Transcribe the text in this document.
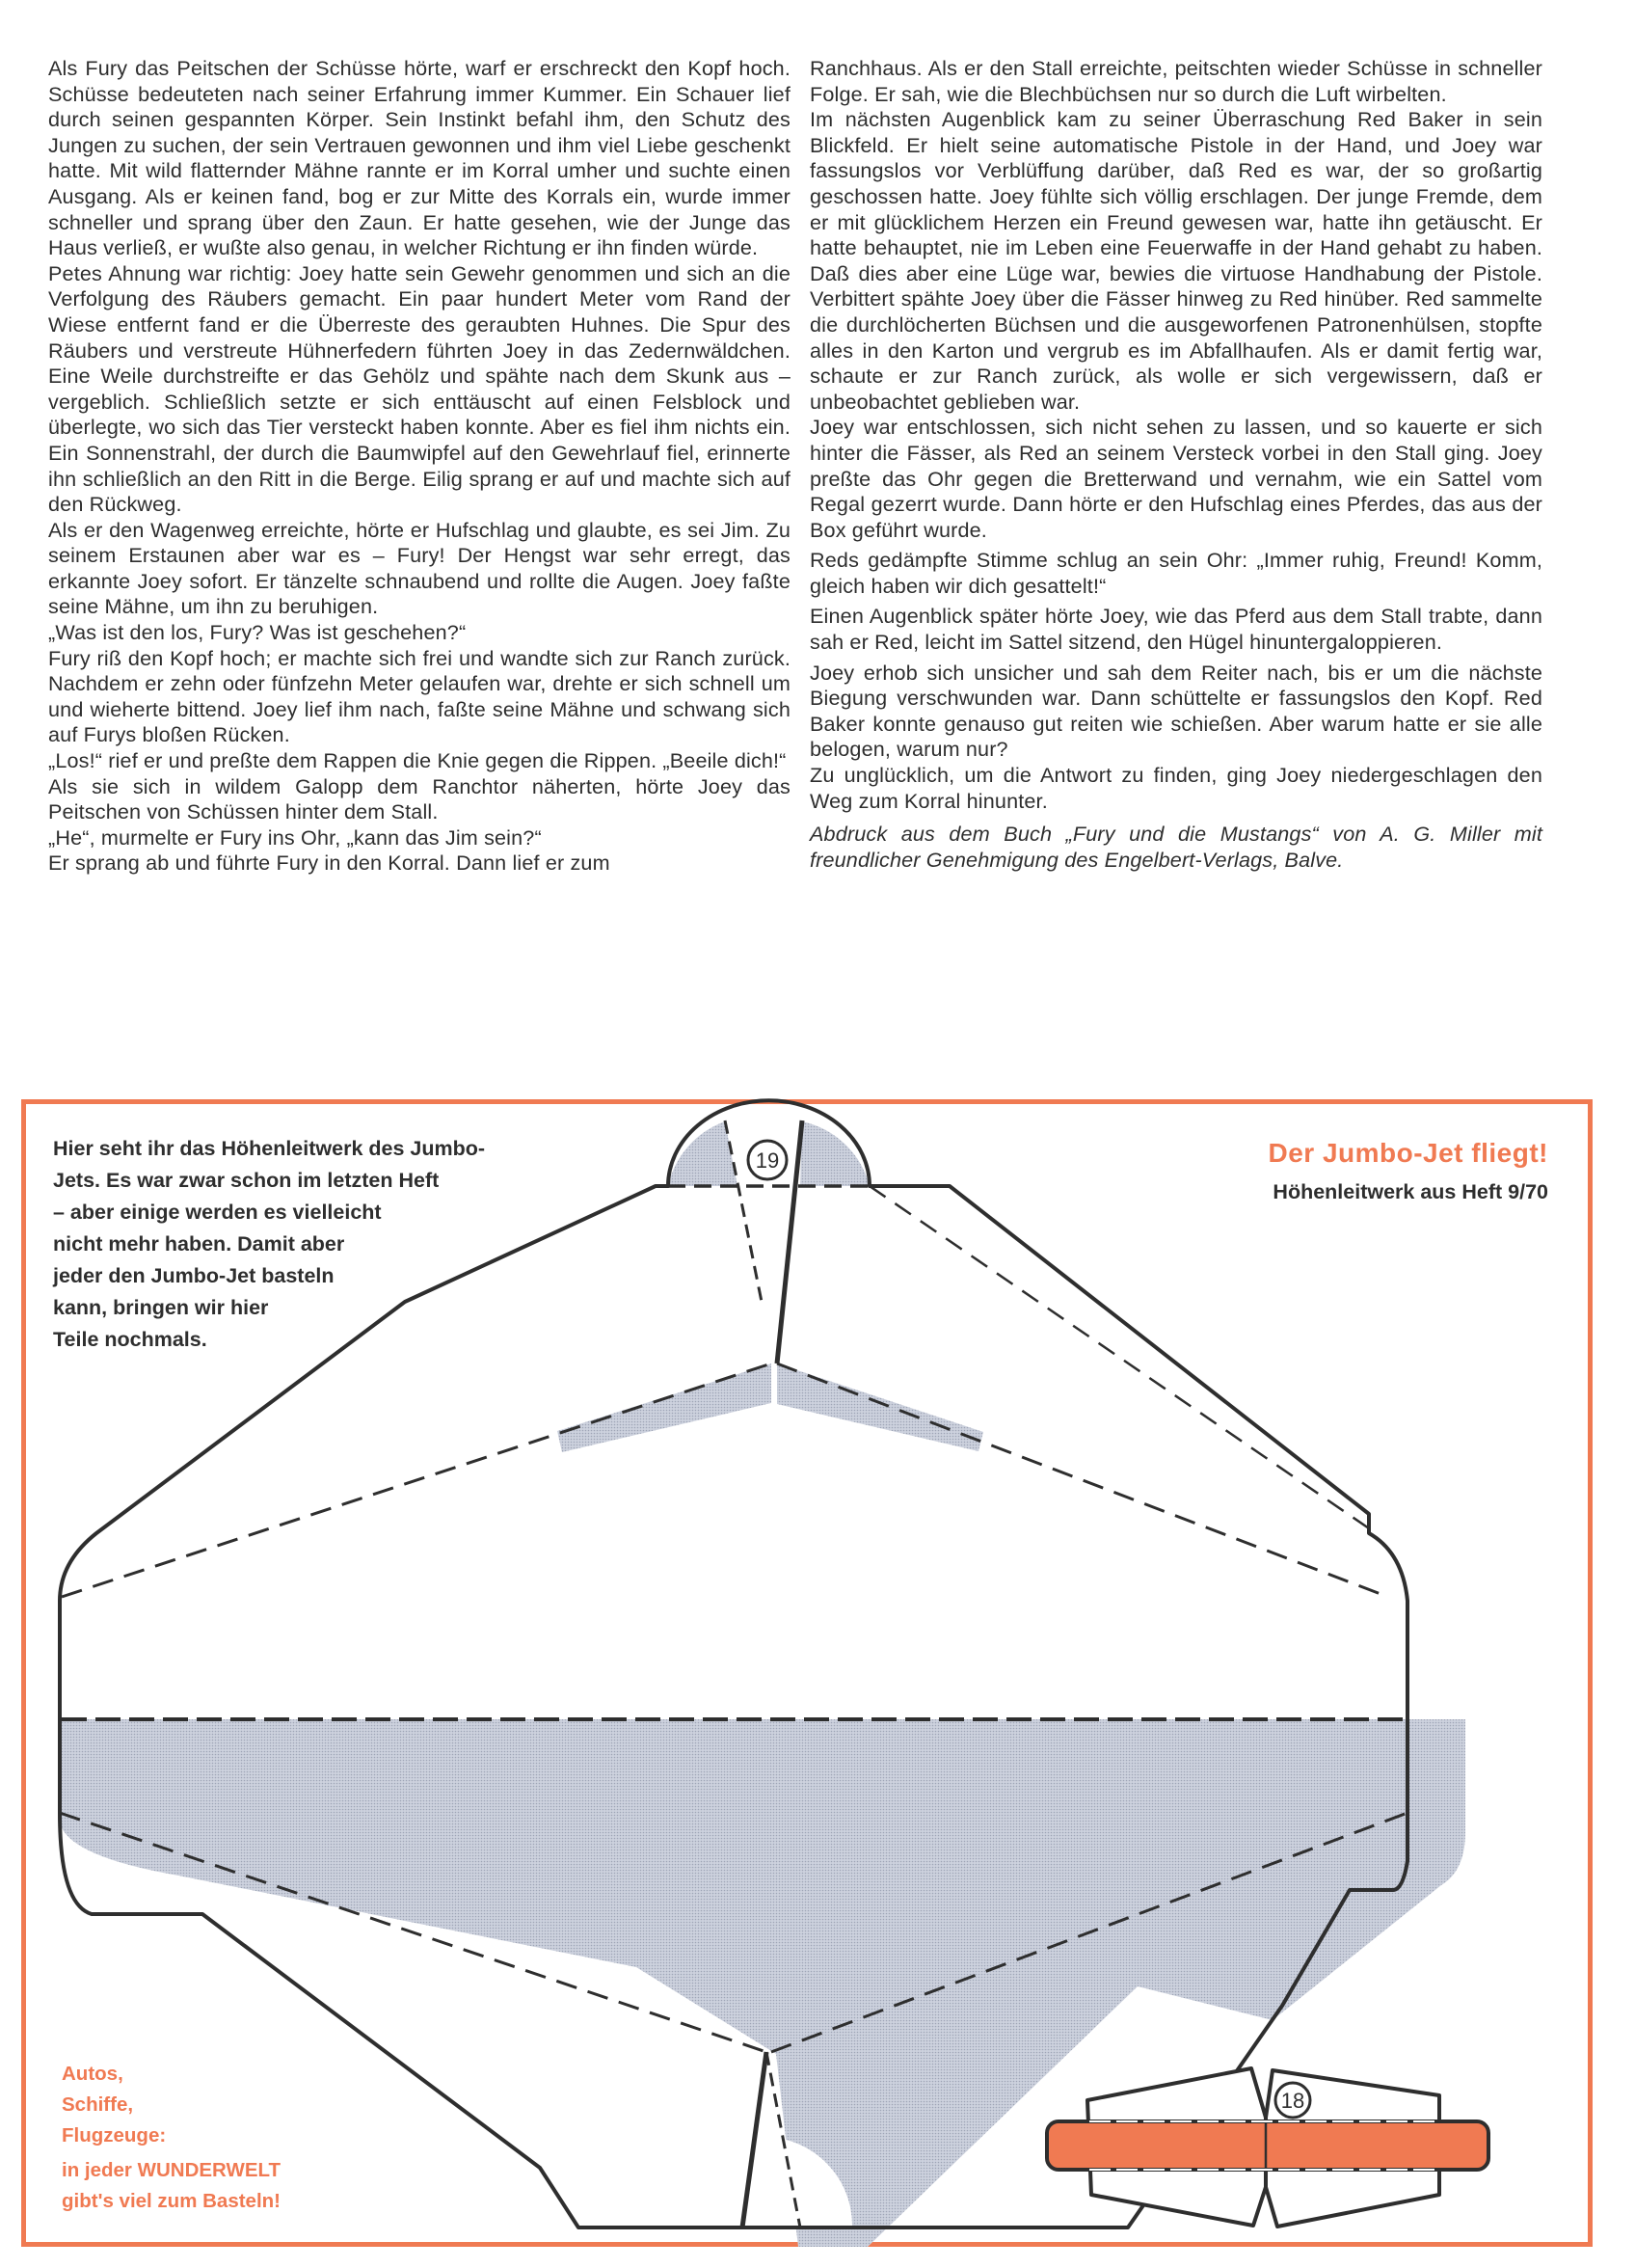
Als Fury das Peitschen der Schüsse hörte, warf er erschreckt den Kopf hoch. Schüsse bedeuteten nach seiner Erfahrung immer Kummer. Ein Schauer lief durch seinen gespannten Körper. Sein Instinkt befahl ihm, den Schutz des Jungen zu suchen, der sein Vertrauen gewonnen und ihm viel Liebe geschenkt hatte. Mit wild flatternder Mähne rannte er im Korral umher und suchte einen Ausgang. Als er keinen fand, bog er zur Mitte des Korrals ein, wurde immer schneller und sprang über den Zaun. Er hatte gesehen, wie der Junge das Haus verließ, er wußte also genau, in welcher Richtung er ihn finden würde.

Petes Ahnung war richtig: Joey hatte sein Gewehr genommen und sich an die Verfolgung des Räubers gemacht. Ein paar hundert Meter vom Rand der Wiese entfernt fand er die Überreste des geraubten Huhnes. Die Spur des Räubers und verstreute Hühnerfedern führten Joey in das Zedernwäldchen. Eine Weile durchstreifte er das Gehölz und spähte nach dem Skunk aus – vergeblich. Schließlich setzte er sich enttäuscht auf einen Felsblock und überlegte, wo sich das Tier versteckt haben konnte. Aber es fiel ihm nichts ein. Ein Sonnenstrahl, der durch die Baumwipfel auf den Gewehrlauf fiel, erinnerte ihn schließlich an den Ritt in die Berge. Eilig sprang er auf und machte sich auf den Rückweg.

Als er den Wagenweg erreichte, hörte er Hufschlag und glaubte, es sei Jim. Zu seinem Erstaunen aber war es – Fury! Der Hengst war sehr erregt, das erkannte Joey sofort. Er tänzelte schnaubend und rollte die Augen. Joey faßte seine Mähne, um ihn zu beruhigen.

„Was ist den los, Fury? Was ist geschehen?“

Fury riß den Kopf hoch; er machte sich frei und wandte sich zur Ranch zurück. Nachdem er zehn oder fünfzehn Meter gelaufen war, drehte er sich schnell um und wieherte bittend. Joey lief ihm nach, faßte seine Mähne und schwang sich auf Furys bloßen Rücken.

„Los!“ rief er und preßte dem Rappen die Knie gegen die Rippen. „Beeile dich!“

Als sie sich in wildem Galopp dem Ranchtor näherten, hörte Joey das Peitschen von Schüssen hinter dem Stall.

„He“, murmelte er Fury ins Ohr, „kann das Jim sein?“

Er sprang ab und führte Fury in den Korral. Dann lief er zum

Ranchhaus. Als er den Stall erreichte, peitschten wieder Schüsse in schneller Folge. Er sah, wie die Blechbüchsen nur so durch die Luft wirbelten.

Im nächsten Augenblick kam zu seiner Überraschung Red Baker in sein Blickfeld. Er hielt seine automatische Pistole in der Hand, und Joey war fassungslos vor Verblüffung darüber, daß Red es war, der so großartig geschossen hatte. Joey fühlte sich völlig erschlagen. Der junge Fremde, dem er mit glücklichem Herzen ein Freund gewesen war, hatte ihn getäuscht. Er hatte behauptet, nie im Leben eine Feuerwaffe in der Hand gehabt zu haben. Daß dies aber eine Lüge war, bewies die virtuose Handhabung der Pistole. Verbittert spähte Joey über die Fässer hinweg zu Red hinüber. Red sammelte die durchlöcherten Büchsen und die ausgeworfenen Patronenhülsen, stopfte alles in den Karton und vergrub es im Abfallhaufen. Als er damit fertig war, schaute er zur Ranch zurück, als wolle er sich vergewissern, daß er unbeobachtet geblieben war.

Joey war entschlossen, sich nicht sehen zu lassen, und so kauerte er sich hinter die Fässer, als Red an seinem Versteck vorbei in den Stall ging. Joey preßte das Ohr gegen die Bretterwand und vernahm, wie ein Sattel vom Regal gezerrt wurde. Dann hörte er den Hufschlag eines Pferdes, das aus der Box geführt wurde.

Reds gedämpfte Stimme schlug an sein Ohr: „Immer ruhig, Freund! Komm, gleich haben wir dich gesattelt!“

Einen Augenblick später hörte Joey, wie das Pferd aus dem Stall trabte, dann sah er Red, leicht im Sattel sitzend, den Hügel hinuntergaloppieren.

Joey erhob sich unsicher und sah dem Reiter nach, bis er um die nächste Biegung verschwunden war. Dann schüttelte er fassungslos den Kopf. Red Baker konnte genauso gut reiten wie schießen. Aber warum hatte er sie alle belogen, warum nur?

Zu unglücklich, um die Antwort zu finden, ging Joey niedergeschlagen den Weg zum Korral hinunter.

Abdruck aus dem Buch „Fury und die Mustangs“ von A. G. Miller mit freundlicher Genehmigung des Engelbert-Verlags, Balve.

19
18
Hier seht ihr das Höhenleitwerk des Jumbo-
Jets. Es war zwar schon im letzten Heft
– aber einige werden es vielleicht
nicht mehr haben. Damit aber
jeder den Jumbo-Jet basteln
kann, bringen wir hier
Teile nochmals.
Der Jumbo-Jet fliegt!
Höhenleitwerk aus Heft 9/70
Autos,
Schiffe,
Flugzeuge:
in jeder WUNDERWELT
gibt's viel zum Basteln!
